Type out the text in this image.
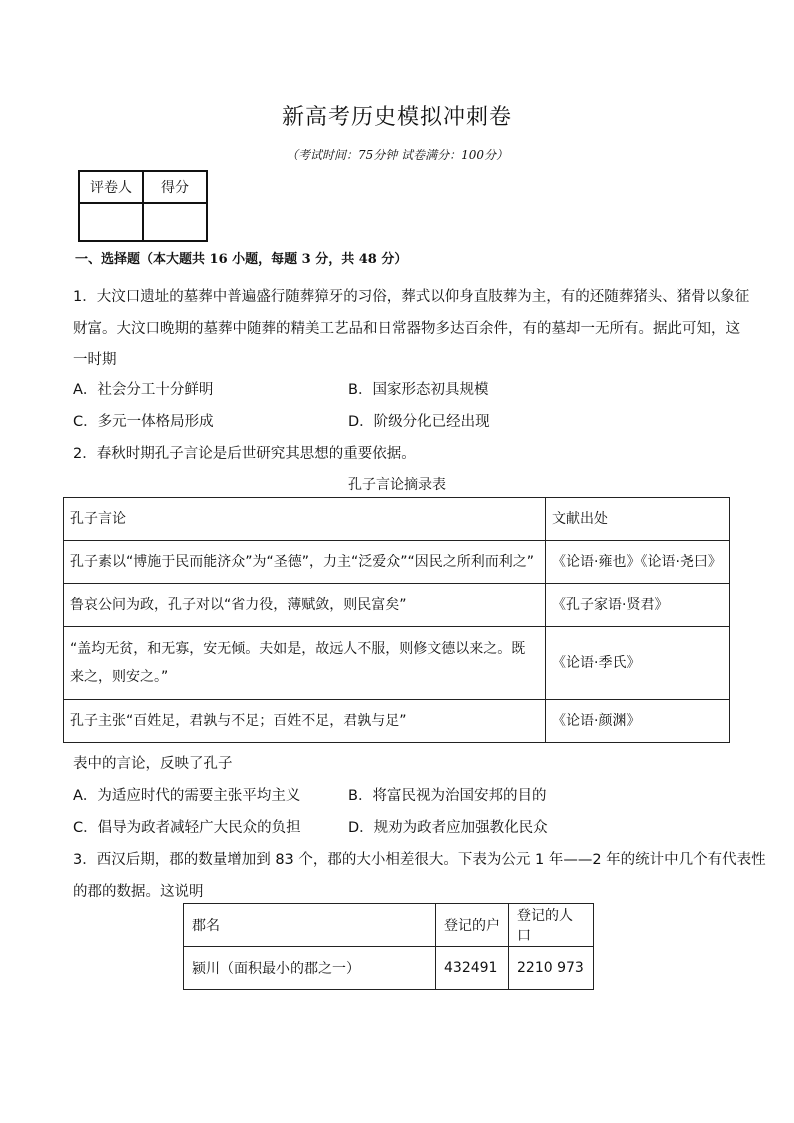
新高考历史模拟冲刺卷
（考试时间：75分钟 试卷满分：100分）
评卷人	得分

一、选择题（本大题共 16 小题，每题 3 分，共 48 分）
1．大汶口遗址的墓葬中普遍盛行随葬獐牙的习俗，葬式以仰身直肢葬为主，有的还随葬猪头、猪骨以象征
财富。大汶口晚期的墓葬中随葬的精美工艺品和日常器物多达百余件，有的墓却一无所有。据此可知，这
一时期
A．社会分工十分鲜明	B．国家形态初具规模
C．多元一体格局形成	D．阶级分化已经出现
2．春秋时期孔子言论是后世研究其思想的重要依据。
孔子言论摘录表
孔子言论	文献出处
孔子素以“博施于民而能济众”为“圣德”，力主“泛爱众”“因民之所利而利之”	《论语·雍也》《论语·尧曰》
鲁哀公问为政，孔子对以“省力役，薄赋敛，则民富矣”	《孔子家语·贤君》
“盖均无贫，和无寡，安无倾。夫如是，故远人不服，则修文德以来之。既来之，则安之。”	《论语·季氏》
孔子主张“百姓足，君孰与不足；百姓不足，君孰与足”	《论语·颜渊》
表中的言论，反映了孔子
A．为适应时代的需要主张平均主义	B．将富民视为治国安邦的目的
C．倡导为政者减轻广大民众的负担	D．规劝为政者应加强教化民众
3．西汉后期，郡的数量增加到 83 个，郡的大小相差很大。下表为公元 1 年——2 年的统计中几个有代表性
的郡的数据。这说明
郡名	登记的户	登记的人口
颍川（面积最小的郡之一）	432491	2210 973
